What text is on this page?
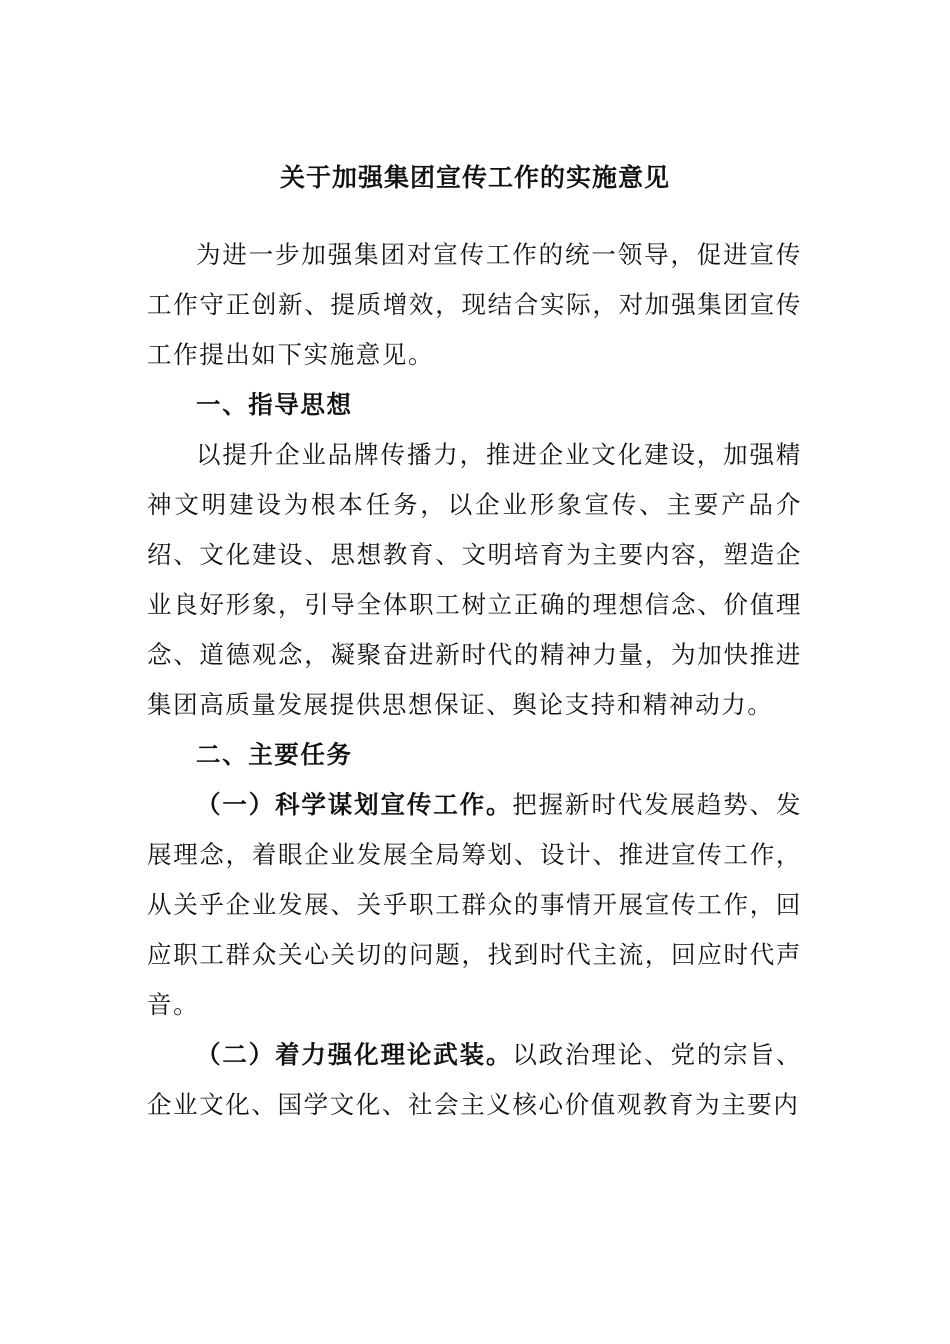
关于加强集团宣传工作的实施意见

为进一步加强集团对宣传工作的统一领导，促进宣传工作守正创新、提质增效，现结合实际，对加强集团宣传工作提出如下实施意见。

一、指导思想

以提升企业品牌传播力，推进企业文化建设，加强精神文明建设为根本任务，以企业形象宣传、主要产品介绍、文化建设、思想教育、文明培育为主要内容，塑造企业良好形象，引导全体职工树立正确的理想信念、价值理念、道德观念，凝聚奋进新时代的精神力量，为加快推进集团高质量发展提供思想保证、舆论支持和精神动力。

二、主要任务

（一）科学谋划宣传工作。把握新时代发展趋势、发展理念，着眼企业发展全局筹划、设计、推进宣传工作，从关乎企业发展、关乎职工群众的事情开展宣传工作，回应职工群众关心关切的问题，找到时代主流，回应时代声音。

（二）着力强化理论武装。以政治理论、党的宗旨、企业文化、国学文化、社会主义核心价值观教育为主要内
